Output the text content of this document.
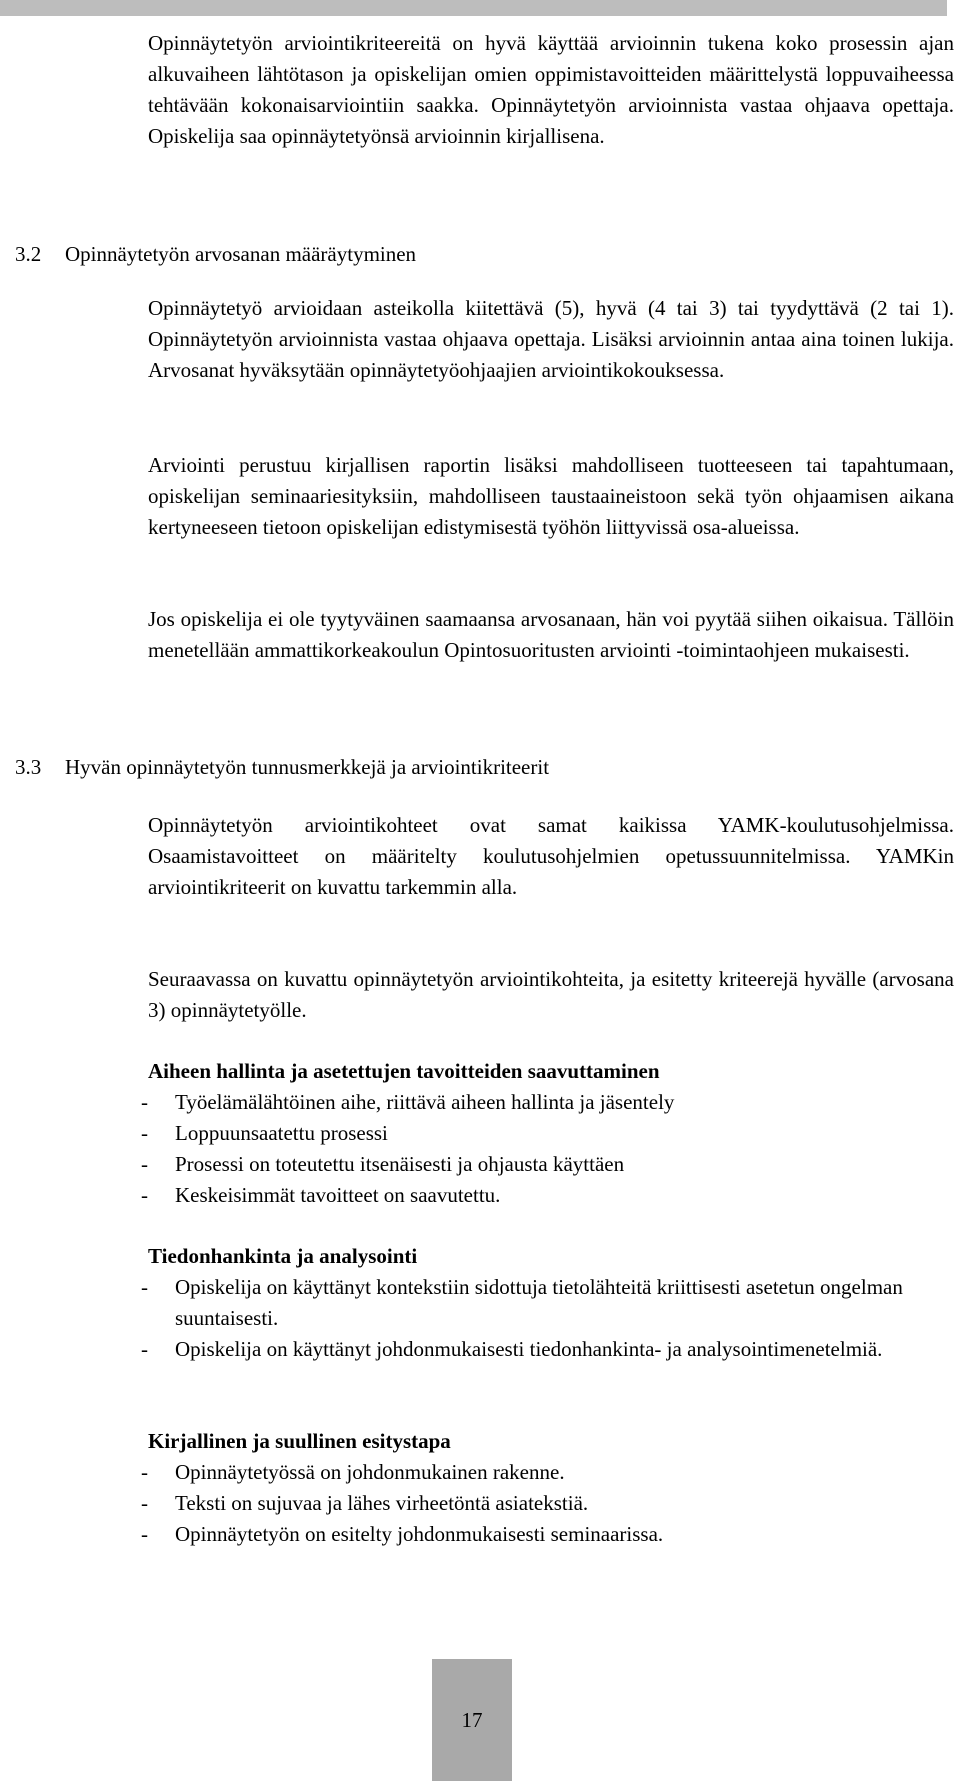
Opinnäytetyön arviointikriteereitä on hyvä käyttää arvioinnin tukena koko prosessin ajan alkuvaiheen lähtötason ja opiskelijan omien oppimistavoitteiden määrittelystä loppuvaiheessa tehtävään kokonaisarviointiin saakka. Opinnäytetyön arvioinnista vastaa ohjaava opettaja. Opiskelija saa opinnäytetyönsä arvioinnin kirjallisena.

3.2 Opinnäytetyön arvosanan määräytyminen

Opinnäytetyö arvioidaan asteikolla kiitettävä (5), hyvä (4 tai 3) tai tyydyttävä (2 tai 1). Opinnäytetyön arvioinnista vastaa ohjaava opettaja. Lisäksi arvioinnin antaa aina toinen lukija. Arvosanat hyväksytään opinnäytetyöohjaajien arviointikokouksessa.

Arviointi perustuu kirjallisen raportin lisäksi mahdolliseen tuotteeseen tai tapahtumaan, opiskelijan seminaariesityksiin, mahdolliseen taustaaineistoon sekä työn ohjaamisen aikana kertyneeseen tietoon opiskelijan edistymisestä työhön liittyvissä osa-alueissa.

Jos opiskelija ei ole tyytyväinen saamaansa arvosanaan, hän voi pyytää siihen oikaisua. Tällöin menetellään ammattikorkeakoulun Opintosuoritusten arviointi -toimintaohjeen mukaisesti.

3.3 Hyvän opinnäytetyön tunnusmerkkejä ja arviointikriteerit

Opinnäytetyön arviointikohteet ovat samat kaikissa YAMK-koulutusohjelmissa. Osaamistavoitteet on määritelty koulutusohjelmien opetussuunnitelmissa. YAMKin arviointikriteerit on kuvattu tarkemmin alla.

Seuraavassa on kuvattu opinnäytetyön arviointikohteita, ja esitetty kriteerejä hyvälle (arvosana 3) opinnäytetyölle.

Aiheen hallinta ja asetettujen tavoitteiden saavuttaminen
- Työelämälähtöinen aihe, riittävä aiheen hallinta ja jäsentely
- Loppuunsaatettu prosessi
- Prosessi on toteutettu itsenäisesti ja ohjausta käyttäen
- Keskeisimmät tavoitteet on saavutettu.
Tiedonhankinta ja analysointi
- Opiskelija on käyttänyt kontekstiin sidottuja tietolähteitä kriittisesti asetetun ongelman suuntaisesti.
- Opiskelija on käyttänyt johdonmukaisesti tiedonhankinta- ja analysointimenetelmiä.
Kirjallinen ja suullinen esitystapa
- Opinnäytetyössä on johdonmukainen rakenne.
- Teksti on sujuvaa ja lähes virheetöntä asiatekstiä.
- Opinnäytetyön on esitelty johdonmukaisesti seminaarissa.
17
